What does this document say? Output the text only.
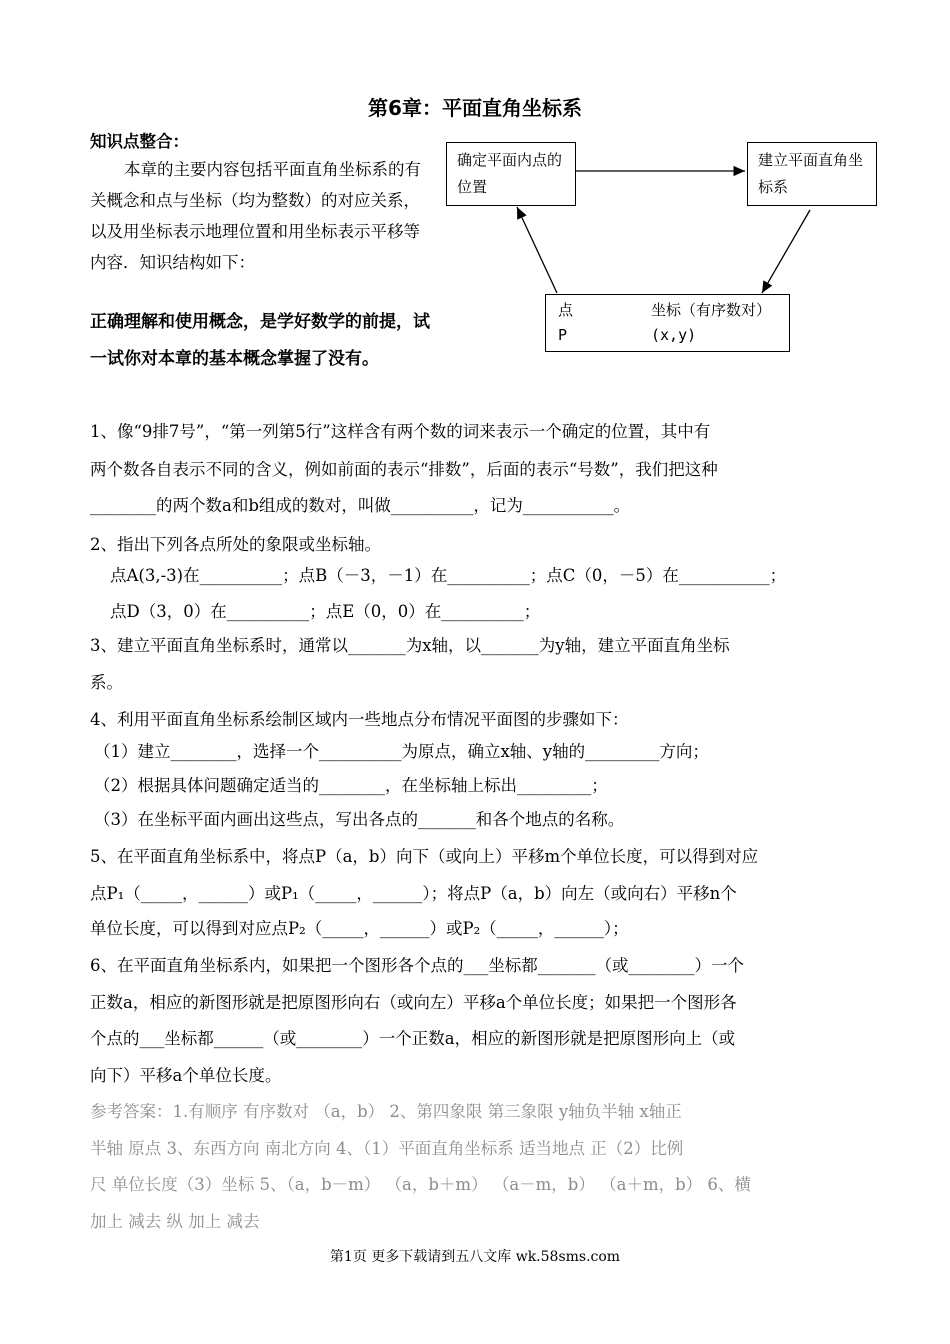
第6章：平面直角坐标系
知识点整合：
本章的主要内容包括平面直角坐标系的有关概念和点与坐标（均为整数）的对应关系，以及用坐标表示地理位置和用坐标表示平移等内容．知识结构如下：
正确理解和使用概念，是学好数学的前提，试一试你对本章的基本概念掌握了没有。
确定平面内点的位置
建立平面直角坐标系
点
P
坐标（有序数对）
(x,y)
1、像“9排7号”，“第一列第5行”这样含有两个数的词来表示一个确定的位置，其中有
两个数各自表示不同的含义，例如前面的表示“排数”，后面的表示“号数”，我们把这种
________的两个数a和b组成的数对，叫做__________，记为___________。
2、指出下列各点所处的象限或坐标轴。
点A(3,-3)在__________；点B（－3，－1）在__________；点C（0，－5）在___________；
点D（3，0）在__________；点E（0，0）在__________；
3、建立平面直角坐标系时，通常以_______为x轴，以_______为y轴，建立平面直角坐标
系。
4、利用平面直角坐标系绘制区域内一些地点分布情况平面图的步骤如下：
（1）建立________，选择一个__________为原点，确立x轴、y轴的_________方向；
（2）根据具体问题确定适当的________，在坐标轴上标出_________；
（3）在坐标平面内画出这些点，写出各点的_______和各个地点的名称。
5、在平面直角坐标系中，将点P（a，b）向下（或向上）平移m个单位长度，可以得到对应
点P₁（_____，______）或P₁（_____，______）；将点P（a，b）向左（或向右）平移n个
单位长度，可以得到对应点P₂（_____，______）或P₂（_____，______）；
6、在平面直角坐标系内，如果把一个图形各个点的___坐标都_______（或________）一个
正数a，相应的新图形就是把原图形向右（或向左）平移a个单位长度；如果把一个图形各
个点的___坐标都______（或________）一个正数a，相应的新图形就是把原图形向上（或
向下）平移a个单位长度。
参考答案：1.有顺序 有序数对 （a，b） 2、第四象限 第三象限 y轴负半轴 x轴正
半轴 原点 3、东西方向 南北方向 4、（1）平面直角坐标系 适当地点 正（2）比例
尺 单位长度（3）坐标 5、（a，b－m） （a，b＋m） （a－m，b） （a＋m，b） 6、横
加上 减去 纵 加上 减去
第1页 更多下载请到五八文库 wk.58sms.com
